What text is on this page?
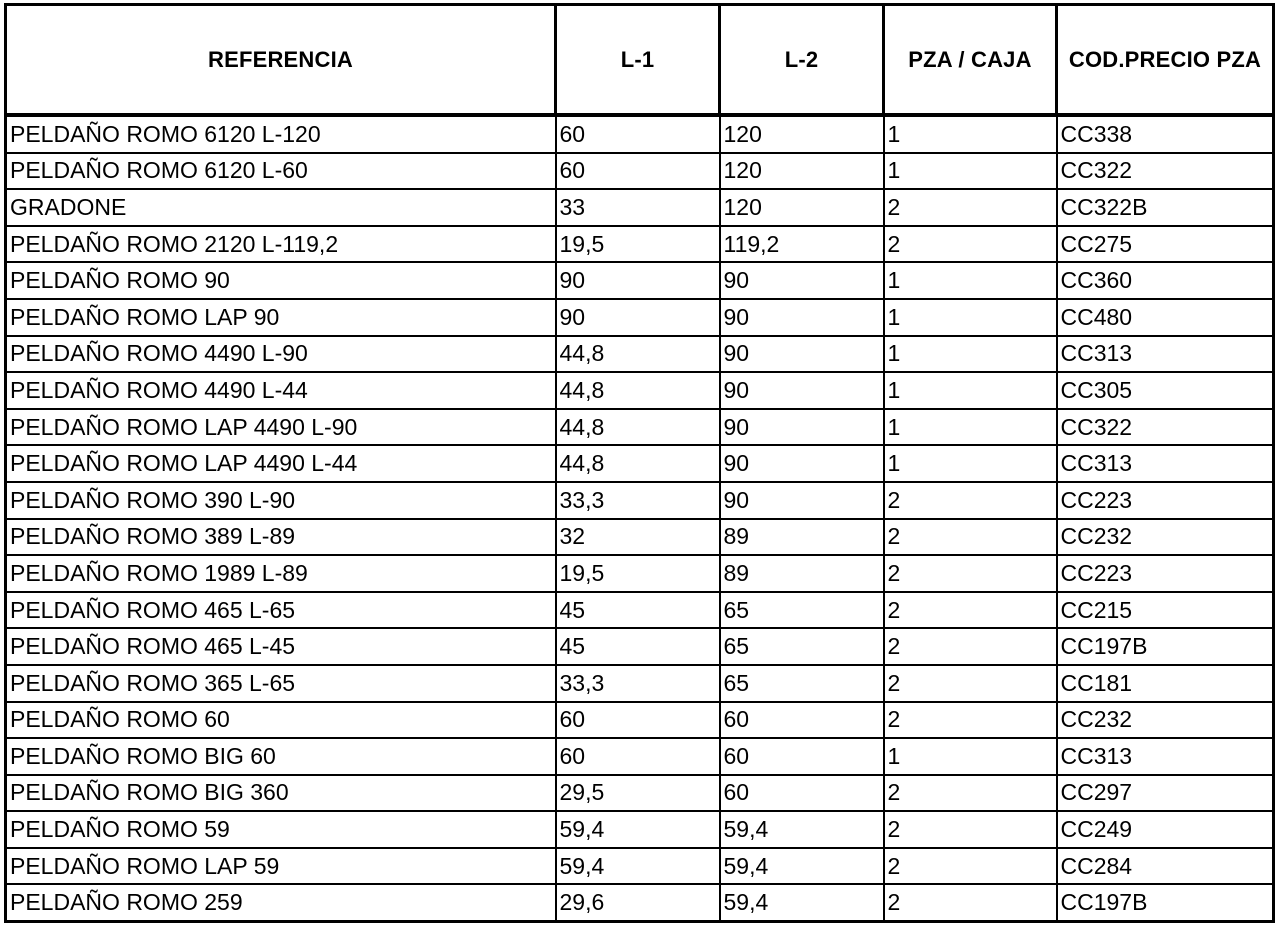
REFERENCIA	L-1	L-2	PZA / CAJA	COD.PRECIO PZA
PELDAÑO ROMO 6120 L-120	60	120	1	CC338
PELDAÑO ROMO 6120 L-60	60	120	1	CC322
GRADONE	33	120	2	CC322B
PELDAÑO ROMO 2120 L-119,2	19,5	119,2	2	CC275
PELDAÑO ROMO 90	90	90	1	CC360
PELDAÑO ROMO LAP 90	90	90	1	CC480
PELDAÑO ROMO 4490 L-90	44,8	90	1	CC313
PELDAÑO ROMO 4490 L-44	44,8	90	1	CC305
PELDAÑO ROMO LAP 4490 L-90	44,8	90	1	CC322
PELDAÑO ROMO LAP 4490 L-44	44,8	90	1	CC313
PELDAÑO ROMO 390 L-90	33,3	90	2	CC223
PELDAÑO ROMO 389 L-89	32	89	2	CC232
PELDAÑO ROMO 1989 L-89	19,5	89	2	CC223
PELDAÑO ROMO 465 L-65	45	65	2	CC215
PELDAÑO ROMO 465 L-45	45	65	2	CC197B
PELDAÑO ROMO 365 L-65	33,3	65	2	CC181
PELDAÑO ROMO 60	60	60	2	CC232
PELDAÑO ROMO BIG 60	60	60	1	CC313
PELDAÑO ROMO BIG 360	29,5	60	2	CC297
PELDAÑO ROMO 59	59,4	59,4	2	CC249
PELDAÑO ROMO LAP 59	59,4	59,4	2	CC284
PELDAÑO ROMO 259	29,6	59,4	2	CC197B
